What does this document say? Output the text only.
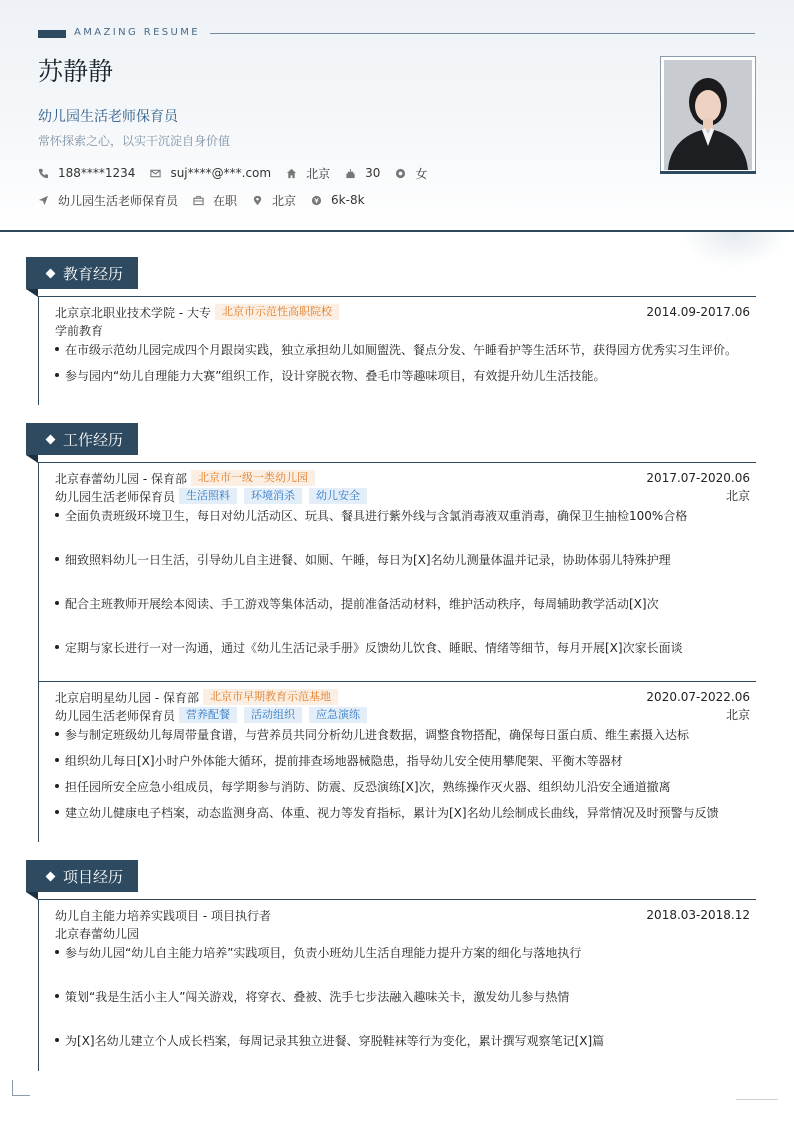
AMAZING RESUME
苏静静
幼儿园生活老师保育员
常怀探索之心，以实干沉淀自身价值
188****1234	suj****@***.com	北京	30	女
幼儿园生活老师保育员	在职	北京	6k-8k
教育经历
北京京北职业技术学院 - 大专	北京市示范性高职院校	2014.09-2017.06
学前教育
在市级示范幼儿园完成四个月跟岗实践，独立承担幼儿如厕盥洗、餐点分发、午睡看护等生活环节，获得园方优秀实习生评价。
参与园内“幼儿自理能力大赛”组织工作，设计穿脱衣物、叠毛巾等趣味项目，有效提升幼儿生活技能。
工作经历
北京春蕾幼儿园 - 保育部	北京市一级一类幼儿园	2017.07-2020.06
幼儿园生活老师保育员	生活照料	环境消杀	幼儿安全	北京
全面负责班级环境卫生，每日对幼儿活动区、玩具、餐具进行紫外线与含氯消毒液双重消毒，确保卫生抽检100%合格
细致照料幼儿一日生活，引导幼儿自主进餐、如厕、午睡，每日为[X]名幼儿测量体温并记录，协助体弱儿特殊护理
配合主班教师开展绘本阅读、手工游戏等集体活动，提前准备活动材料，维护活动秩序，每周辅助教学活动[X]次
定期与家长进行一对一沟通，通过《幼儿生活记录手册》反馈幼儿饮食、睡眠、情绪等细节，每月开展[X]次家长面谈
北京启明星幼儿园 - 保育部	北京市早期教育示范基地	2020.07-2022.06
幼儿园生活老师保育员	营养配餐	活动组织	应急演练	北京
参与制定班级幼儿每周带量食谱，与营养员共同分析幼儿进食数据，调整食物搭配，确保每日蛋白质、维生素摄入达标
组织幼儿每日[X]小时户外体能大循环，提前排查场地器械隐患，指导幼儿安全使用攀爬架、平衡木等器材
担任园所安全应急小组成员，每学期参与消防、防震、反恐演练[X]次，熟练操作灭火器、组织幼儿沿安全通道撤离
建立幼儿健康电子档案，动态监测身高、体重、视力等发育指标，累计为[X]名幼儿绘制成长曲线，异常情况及时预警与反馈
项目经历
幼儿自主能力培养实践项目 - 项目执行者	2018.03-2018.12
北京春蕾幼儿园
参与幼儿园“幼儿自主能力培养”实践项目，负责小班幼儿生活自理能力提升方案的细化与落地执行
策划“我是生活小主人”闯关游戏，将穿衣、叠被、洗手七步法融入趣味关卡，激发幼儿参与热情
为[X]名幼儿建立个人成长档案，每周记录其独立进餐、穿脱鞋袜等行为变化，累计撰写观察笔记[X]篇
